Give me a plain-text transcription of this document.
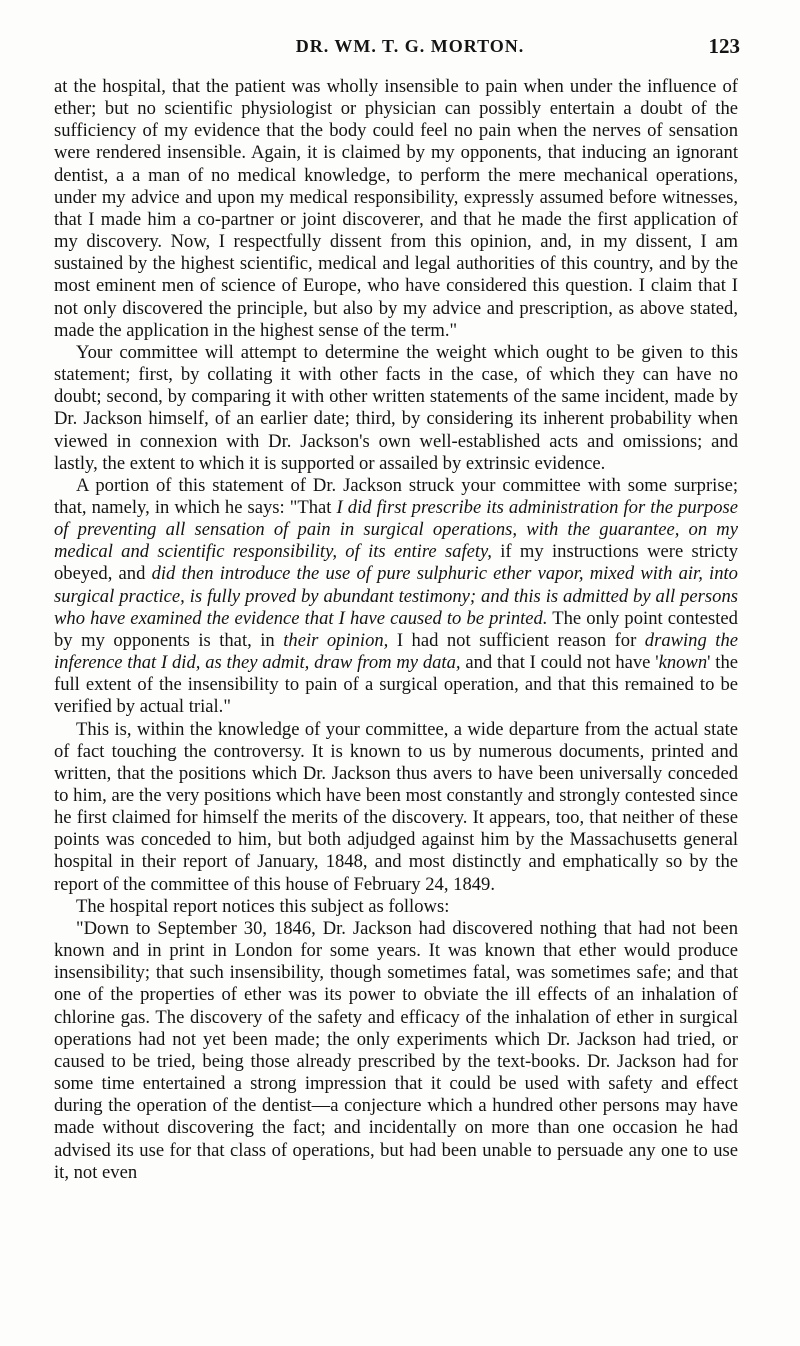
DR. WM. T. G. MORTON.	123

at the hospital, that the patient was wholly insensible to pain when under the influence of ether; but no scientific physiologist or physician can possibly entertain a doubt of the sufficiency of my evidence that the body could feel no pain when the nerves of sensation were rendered insensible. Again, it is claimed by my opponents, that inducing an ignorant dentist, a a man of no medical knowledge, to perform the mere mechanical operations, under my advice and upon my medical responsibility, expressly assumed before witnesses, that I made him a co-partner or joint discoverer, and that he made the first application of my discovery. Now, I respectfully dissent from this opinion, and, in my dissent, I am sustained by the highest scientific, medical and legal authorities of this country, and by the most eminent men of science of Europe, who have considered this question. I claim that I not only discovered the principle, but also by my advice and prescription, as above stated, made the application in the highest sense of the term."

Your committee will attempt to determine the weight which ought to be given to this statement; first, by collating it with other facts in the case, of which they can have no doubt; second, by comparing it with other written statements of the same incident, made by Dr. Jackson himself, of an earlier date; third, by considering its inherent probability when viewed in connexion with Dr. Jackson's own well-established acts and omissions; and lastly, the extent to which it is supported or assailed by extrinsic evidence.

A portion of this statement of Dr. Jackson struck your committee with some surprise; that, namely, in which he says: "That I did first prescribe its administration for the purpose of preventing all sensation of pain in surgical operations, with the guarantee, on my medical and scientific responsibility, of its entire safety, if my instructions were stricty obeyed, and did then introduce the use of pure sulphuric ether vapor, mixed with air, into surgical practice, is fully proved by abundant testimony; and this is admitted by all persons who have examined the evidence that I have caused to be printed. The only point contested by my opponents is that, in their opinion, I had not sufficient reason for drawing the inference that I did, as they admit, draw from my data, and that I could not have 'known' the full extent of the insensibility to pain of a surgical operation, and that this remained to be verified by actual trial."

This is, within the knowledge of your committee, a wide departure from the actual state of fact touching the controversy. It is known to us by numerous documents, printed and written, that the positions which Dr. Jackson thus avers to have been universally conceded to him, are the very positions which have been most constantly and strongly contested since he first claimed for himself the merits of the discovery. It appears, too, that neither of these points was conceded to him, but both adjudged against him by the Massachusetts general hospital in their report of January, 1848, and most distinctly and emphatically so by the report of the committee of this house of February 24, 1849.

The hospital report notices this subject as follows:

"Down to September 30, 1846, Dr. Jackson had discovered nothing that had not been known and in print in London for some years. It was known that ether would produce insensibility; that such insensibility, though sometimes fatal, was sometimes safe; and that one of the properties of ether was its power to obviate the ill effects of an inhalation of chlorine gas. The discovery of the safety and efficacy of the inhalation of ether in surgical operations had not yet been made; the only experiments which Dr. Jackson had tried, or caused to be tried, being those already prescribed by the text-books. Dr. Jackson had for some time entertained a strong impression that it could be used with safety and effect during the operation of the dentist—a conjecture which a hundred other persons may have made without discovering the fact; and incidentally on more than one occasion he had advised its use for that class of operations, but had been unable to persuade any one to use it, not even
